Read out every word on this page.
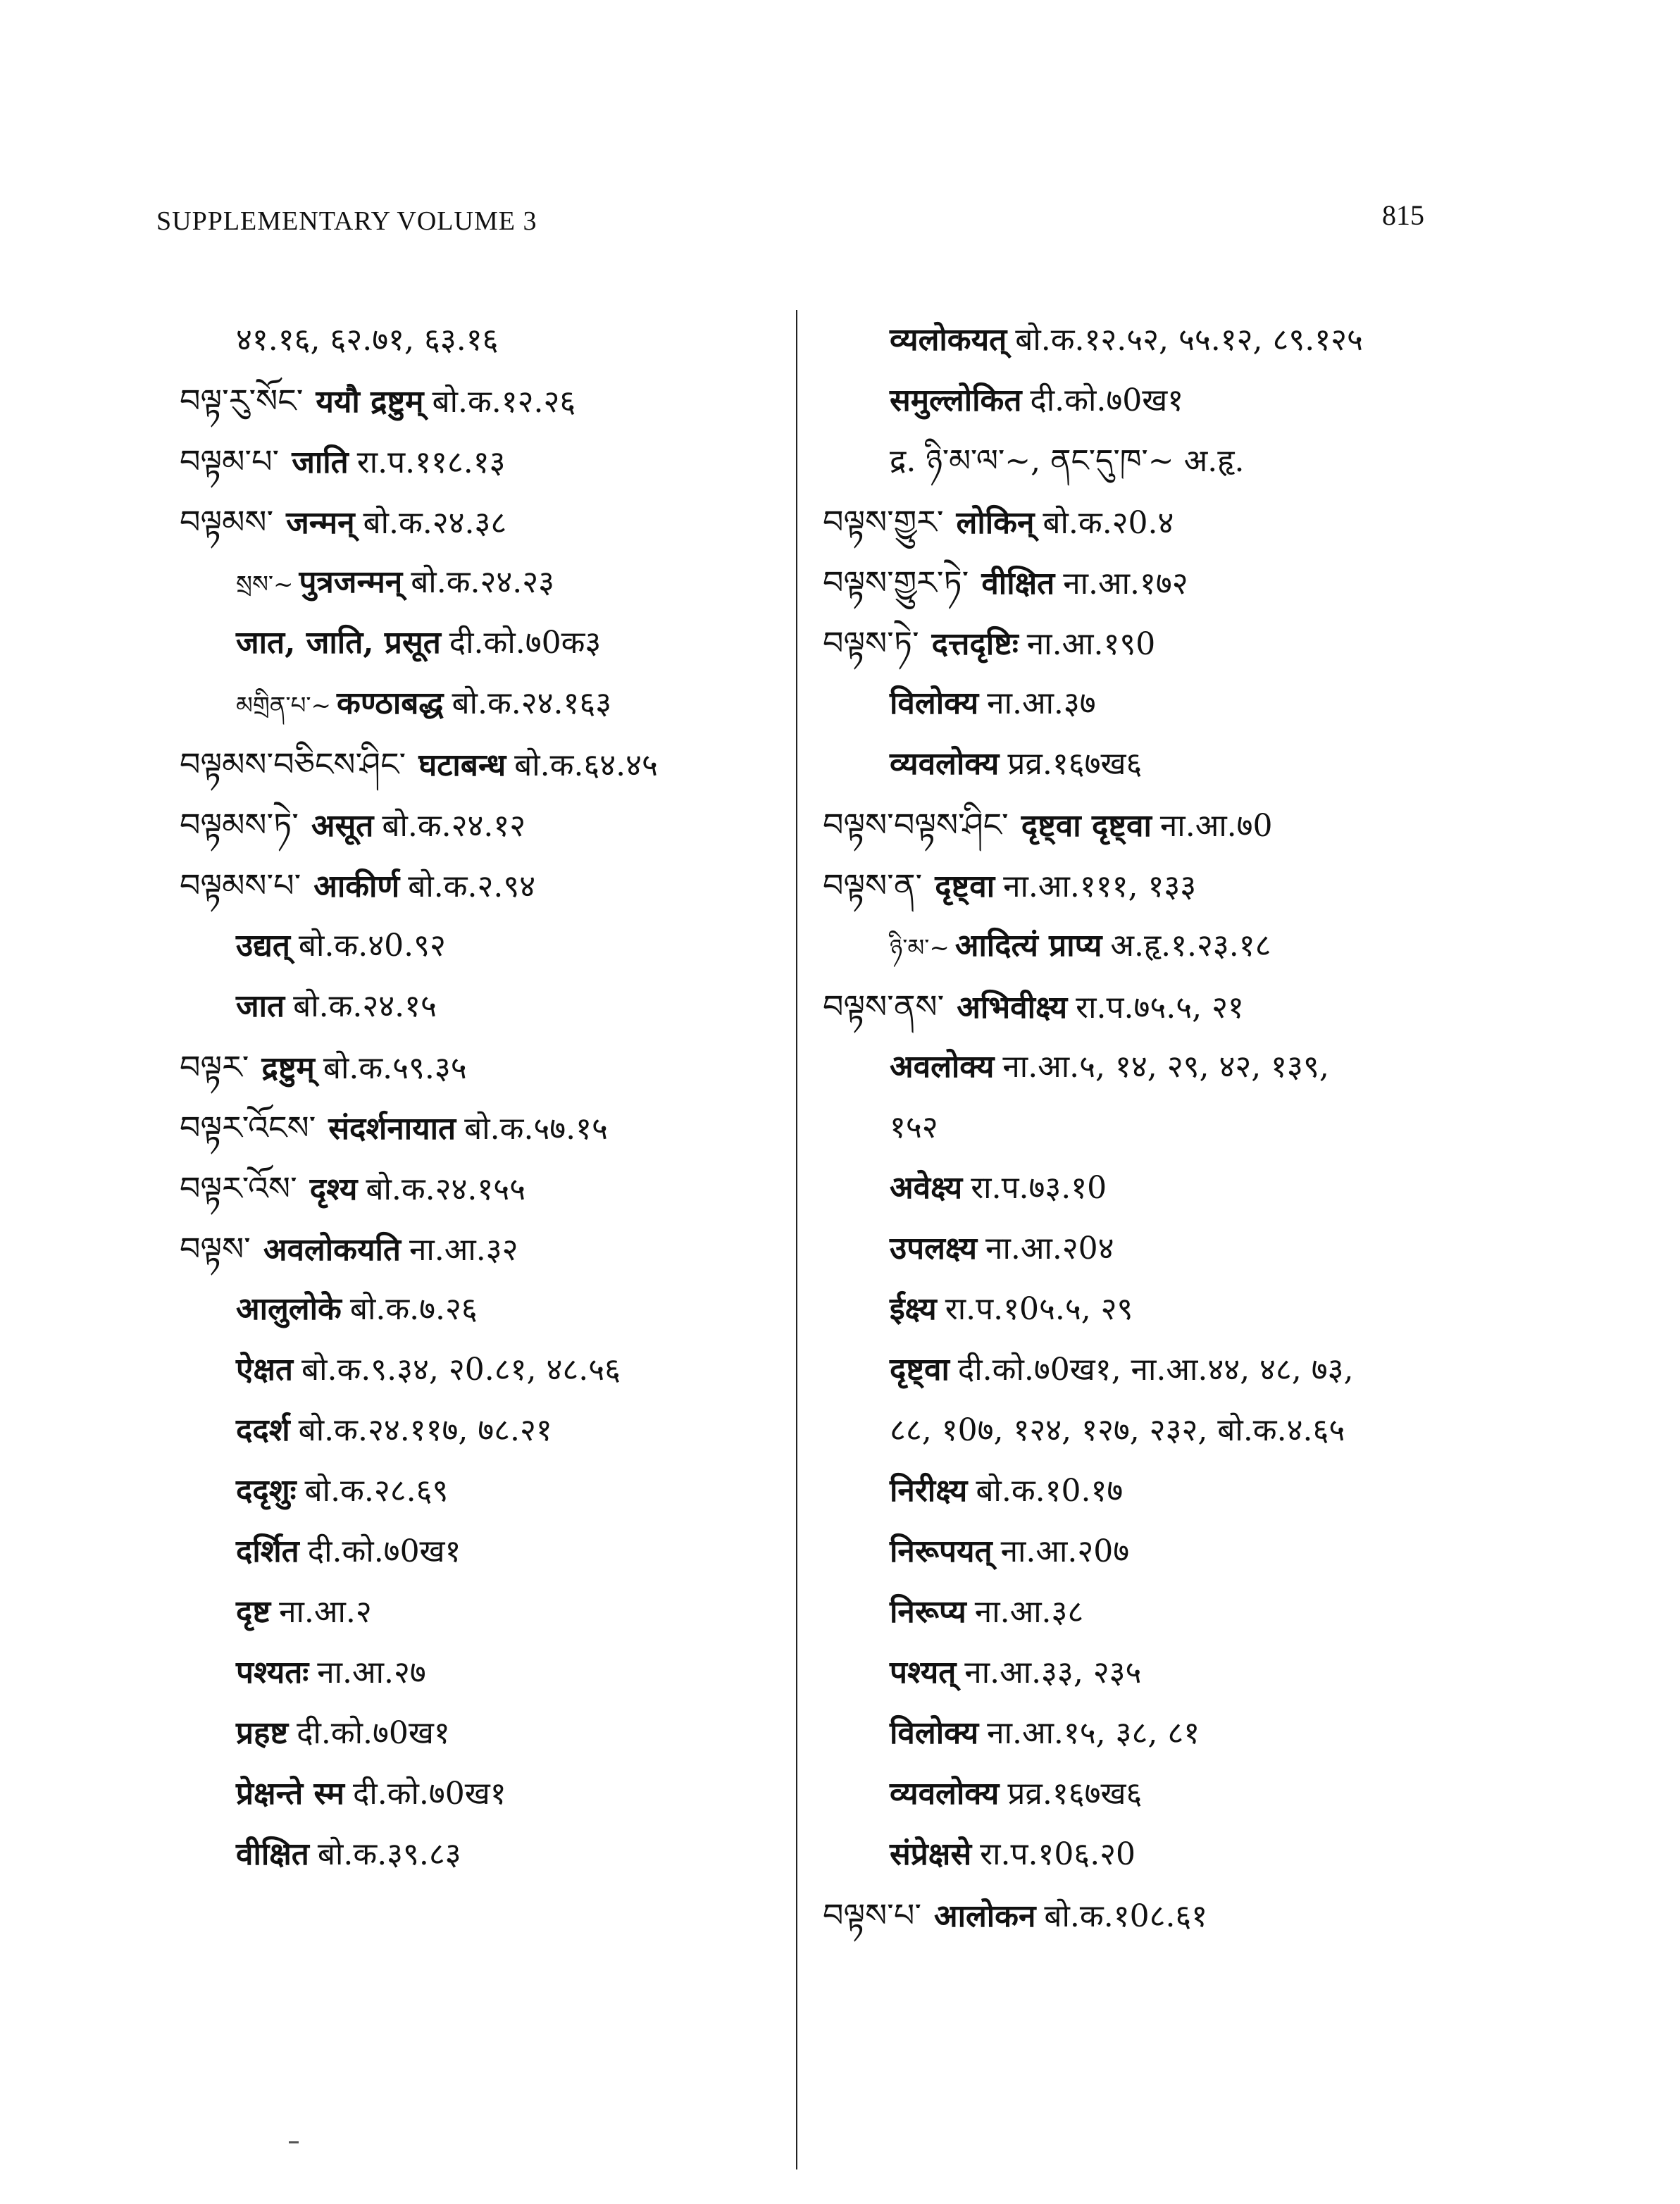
SUPPLEMENTARY VOLUME 3	815
४१.१६, ६२.७१, ६३.१६
བལྟ་རུ་སོང་ ययौ द्रष्टुम् बो.क.१२.२६
བལྟམ་པ་ जाति रा.प.११८.१३
བལྟམས་ जन्मन् बो.क.२४.३८
སྲས་~ पुत्रजन्मन् बो.क.२४.२३
जात, जाति, प्रसूत दी.को.७0क३
མགྲིན་པ་~ कण्ठाबद्ध बो.क.२४.१६३
བལྟམས་བཅིངས་ཤིང་ घटाबन्ध बो.क.६४.४५
བལྟམས་ཏེ་ असूत बो.क.२४.१२
བལྟམས་པ་ आकीर्ण बो.क.२.९४
उद्यत् बो.क.४0.९२
जात बो.क.२४.१५
བལྟར་ द्रष्टुम् बो.क.५९.३५
བལྟར་འོངས་ संदर्शनायात बो.क.५७.१५
བལྟར་འོས་ दृश्य बो.क.२४.१५५
བལྟས་ अवलोकयति ना.आ.३२
आलुलोके बो.क.७.२६
ऐक्षत बो.क.९.३४, २0.८१, ४८.५६
ददर्श बो.क.२४.११७, ७८.२१
ददृशुः बो.क.२८.६९
दर्शित दी.को.७0ख१
दृष्ट ना.आ.२
पश्यतः ना.आ.२७
प्रहष्ट दी.को.७0ख१
प्रेक्षन्ते स्म दी.को.७0ख१
वीक्षित बो.क.३९.८३
व्यलोकयत् बो.क.१२.५२, ५५.१२, ८९.१२५
समुल्लोकित दी.को.७0ख१
द्र. ཉི་མ་ལ་~, ནང་དུ་ཁ་~ अ.हृ.
བལྟས་གྱུར་ लोकिन् बो.क.२0.४
བལྟས་གྱུར་ཏེ་ वीक्षित ना.आ.१७२
བལྟས་ཏེ་ दत्तदृष्टिः ना.आ.१९0
विलोक्य ना.आ.३७
व्यवलोक्य प्रव्र.१६७ख६
བལྟས་བལྟས་ཤིང་ दृष्ट्वा दृष्ट्वा ना.आ.७0
བལྟས་ན་ दृष्ट्वा ना.आ.१११, १३३
ཉི་མ་~ आदित्यं प्राप्य अ.हृ.१.२३.१८
བལྟས་ནས་ अभिवीक्ष्य रा.प.७५.५, २१
अवलोक्य ना.आ.५, १४, २९, ४२, १३९,
१५२
अवेक्ष्य रा.प.७३.१0
उपलक्ष्य ना.आ.२0४
ईक्ष्य रा.प.१0५.५, २९
दृष्ट्वा दी.को.७0ख१, ना.आ.४४, ४८, ७३,
८८, १0७, १२४, १२७, २३२, बो.क.४.६५
निरीक्ष्य बो.क.१0.१७
निरूपयत् ना.आ.२0७
निरूप्य ना.आ.३८
पश्यत् ना.आ.३३, २३५
विलोक्य ना.आ.१५, ३८, ८१
व्यवलोक्य प्रव्र.१६७ख६
संप्रेक्षसे रा.प.१0६.२0
བལྟས་པ་ आलोकन बो.क.१0८.६१
